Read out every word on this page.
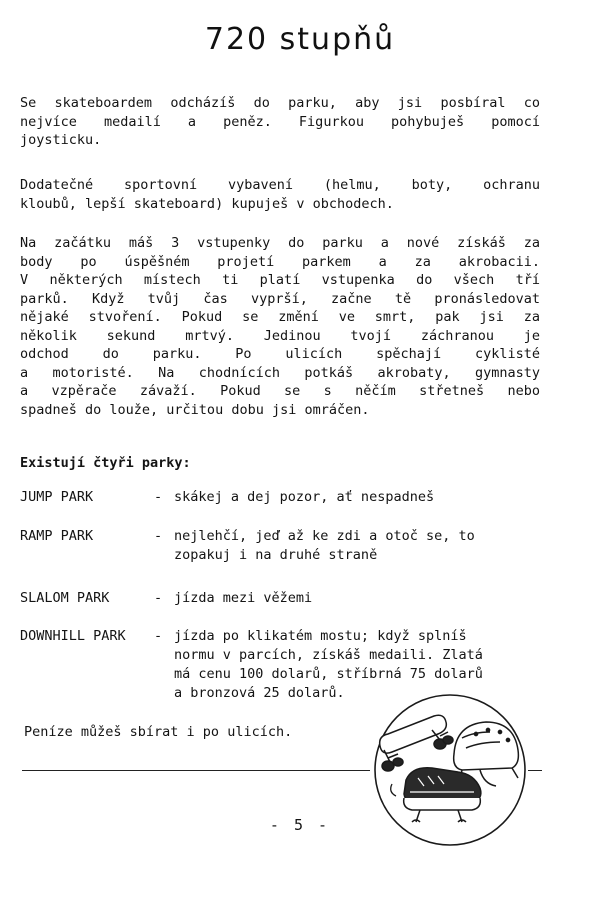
720 stupňů

Se skateboardem odcházíš do parku, aby jsi posbíral co
nejvíce medailí a peněz. Figurkou pohybuješ pomocí
joysticku.

Dodatečné sportovní vybavení (helmu, boty, ochranu
kloubů, lepší skateboard) kupuješ v obchodech.

Na začátku máš 3 vstupenky do parku a nové získáš za
body po úspěšném projetí parkem a za akrobacii.
V některých místech ti platí vstupenka do všech tří
parků. Když tvůj čas vyprší, začne tě pronásledovat
nějaké stvoření. Pokud se změní ve smrt, pak jsi za
několik sekund mrtvý. Jedinou tvojí záchranou je
odchod do parku. Po ulicích spěchají cyklisté
a motoristé. Na chodnících potkáš akrobaty, gymnasty
a vzpěrače závaží. Pokud se s něčím střetneš nebo
spadneš do louže, určitou dobu jsi omráčen.

Existují čtyři parky:
JUMP PARK	- skákej a dej pozor, ať nespadneš
RAMP PARK	- nejlehčí, jeď až ke zdi a otoč se, to
zopakuj i na druhé straně
SLALOM PARK	- jízda mezi věžemi
DOWNHILL PARK - jízda po klikatém mostu; když splníš
normu v parcích, získáš medaili. Zlatá
má cenu 100 dolarů, stříbrná 75 dolarů
a bronzová 25 dolarů.
Peníze můžeš sbírat i po ulicích.
- 5 -
